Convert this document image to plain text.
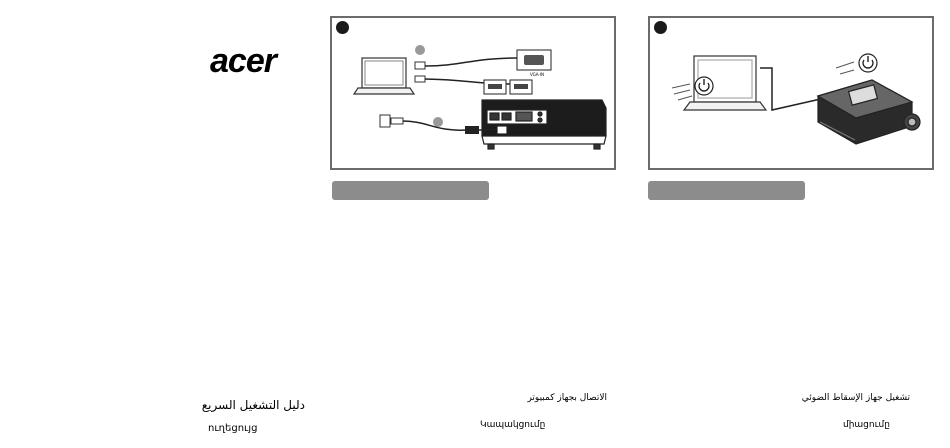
acer	VGA-IN
HDMI 1	HDMI 2 / MHL
دليل التشغيل السريع
ուղեցույց
الاتصال بجهاز كمبيوتر
Կապակցումը
تشغيل جهاز الإسقاط الضوئي
միացումը
